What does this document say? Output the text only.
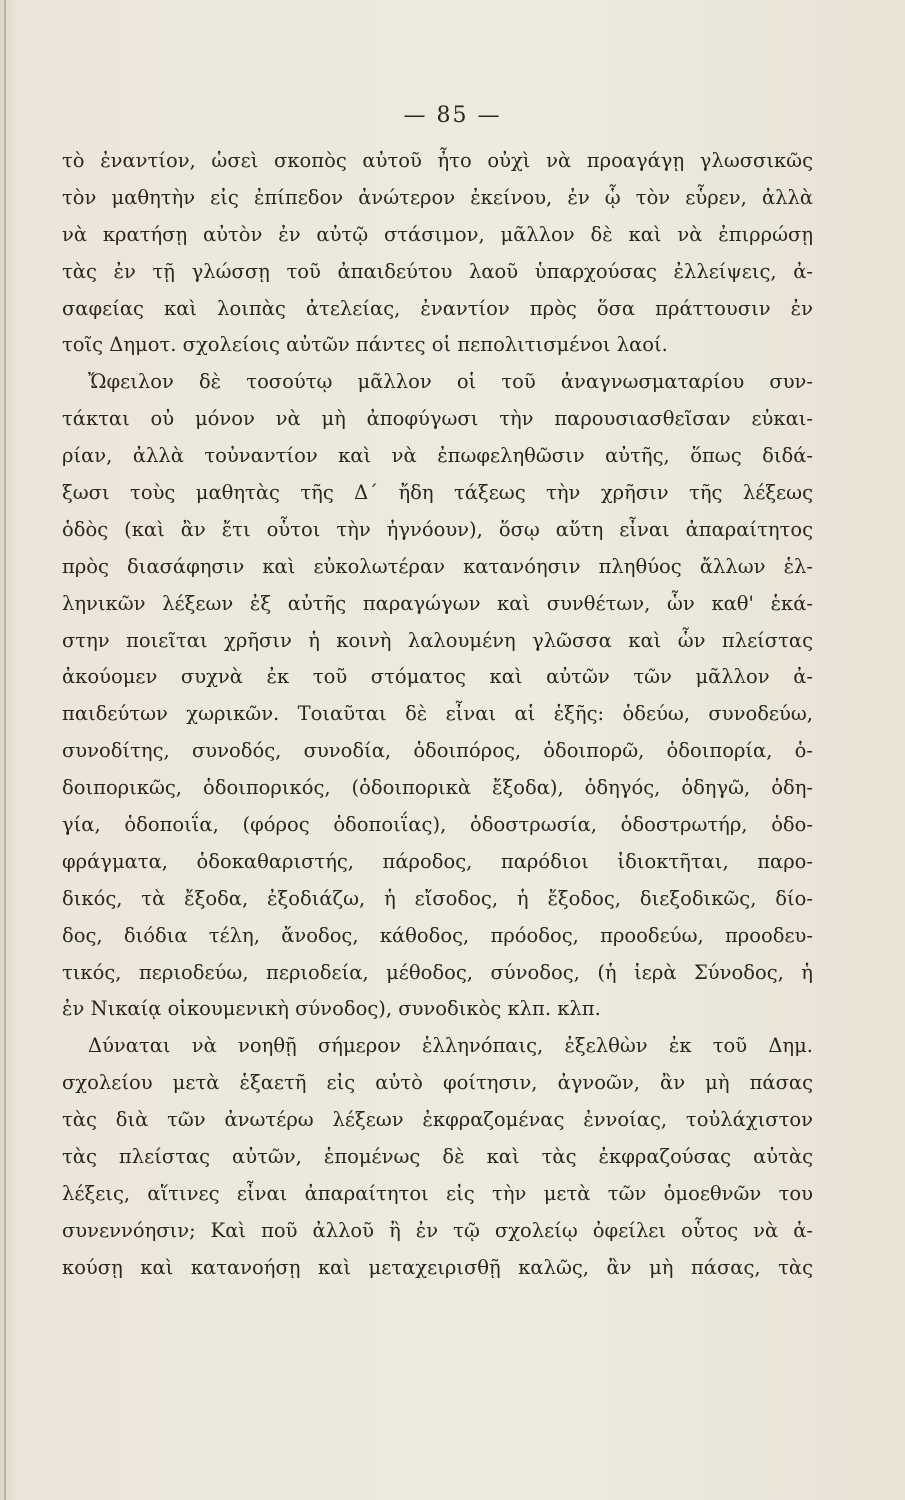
— 85 —
τὸ ἐναντίον, ὡσεὶ σκοπὸς αὐτοῦ ἦτο οὐχὶ νὰ προαγάγῃ γλωσσικῶς
τὸν μαθητὴν εἰς ἐπίπεδον ἀνώτερον ἐκείνου, ἐν ᾧ τὸν εὗρεν, ἀλλὰ
νὰ κρατήσῃ αὐτὸν ἐν αὐτῷ στάσιμον, μᾶλλον δὲ καὶ νὰ ἐπιρρώσῃ
τὰς ἐν τῇ γλώσσῃ τοῦ ἀπαιδεύτου λαοῦ ὑπαρχούσας ἐλλείψεις, ἀ-
σαφείας καὶ λοιπὰς ἀτελείας, ἐναντίον πρὸς ὅσα πράττουσιν ἐν
τοῖς Δημοτ. σχολείοις αὐτῶν πάντες οἱ πεπολιτισμένοι λαοί.
Ὤφειλον δὲ τοσούτῳ μᾶλλον οἱ τοῦ ἀναγνωσματαρίου συν-
τάκται οὐ μόνον νὰ μὴ ἀποφύγωσι τὴν παρουσιασθεῖσαν εὐκαι-
ρίαν, ἀλλὰ τοὐναντίον καὶ νὰ ἐπωφεληθῶσιν αὐτῆς, ὅπως διδά-
ξωσι τοὺς μαθητὰς τῆς Δ΄ ἤδη τάξεως τὴν χρῆσιν τῆς λέξεως
ὁδὸς (καὶ ἂν ἔτι οὗτοι τὴν ἠγνόουν), ὅσῳ αὕτη εἶναι ἀπαραίτητος
πρὸς διασάφησιν καὶ εὐκολωτέραν κατανόησιν πληθύος ἄλλων ἑλ-
ληνικῶν λέξεων ἐξ αὐτῆς παραγώγων καὶ συνθέτων, ὧν καθ' ἑκά-
στην ποιεῖται χρῆσιν ἡ κοινὴ λαλουμένη γλῶσσα καὶ ὧν πλείστας
ἀκούομεν συχνὰ ἐκ τοῦ στόματος καὶ αὐτῶν τῶν μᾶλλον ἀ-
παιδεύτων χωρικῶν. Τοιαῦται δὲ εἶναι αἱ ἑξῆς: ὁδεύω, συνοδεύω,
συνοδίτης, συνοδός, συνοδία, ὁδοιπόρος, ὁδοιπορῶ, ὁδοιπορία, ὁ-
δοιπορικῶς, ὁδοιπορικός, (ὁδοιπορικὰ ἔξοδα), ὁδηγός, ὁδηγῶ, ὁδη-
γία, ὁδοποιΐα, (φόρος ὁδοποιΐας), ὁδοστρωσία, ὁδοστρωτήρ, ὁδο-
φράγματα, ὁδοκαθαριστής, πάροδος, παρόδιοι ἰδιοκτῆται, παρο-
δικός, τὰ ἔξοδα, ἐξοδιάζω, ἡ εἴσοδος, ἡ ἔξοδος, διεξοδικῶς, δίο-
δος, διόδια τέλη, ἄνοδος, κάθοδος, πρόοδος, προοδεύω, προοδευ-
τικός, περιοδεύω, περιοδεία, μέθοδος, σύνοδος, (ἡ ἱερὰ Σύνοδος, ἡ
ἐν Νικαίᾳ οἰκουμενικὴ σύνοδος), συνοδικὸς κλπ. κλπ.
Δύναται νὰ νοηθῇ σήμερον ἑλληνόπαις, ἐξελθὼν ἐκ τοῦ Δημ.
σχολείου μετὰ ἑξαετῆ εἰς αὐτὸ φοίτησιν, ἀγνοῶν, ἂν μὴ πάσας
τὰς διὰ τῶν ἀνωτέρω λέξεων ἐκφραζομένας ἐννοίας, τοὐλάχιστον
τὰς πλείστας αὐτῶν, ἑπομένως δὲ καὶ τὰς ἐκφραζούσας αὐτὰς
λέξεις, αἵτινες εἶναι ἀπαραίτητοι εἰς τὴν μετὰ τῶν ὁμοεθνῶν του
συνεννόησιν; Καὶ ποῦ ἀλλοῦ ἢ ἐν τῷ σχολείῳ ὀφείλει οὗτος νὰ ἀ-
κούσῃ καὶ κατανοήσῃ καὶ μεταχειρισθῇ καλῶς, ἂν μὴ πάσας, τὰς
